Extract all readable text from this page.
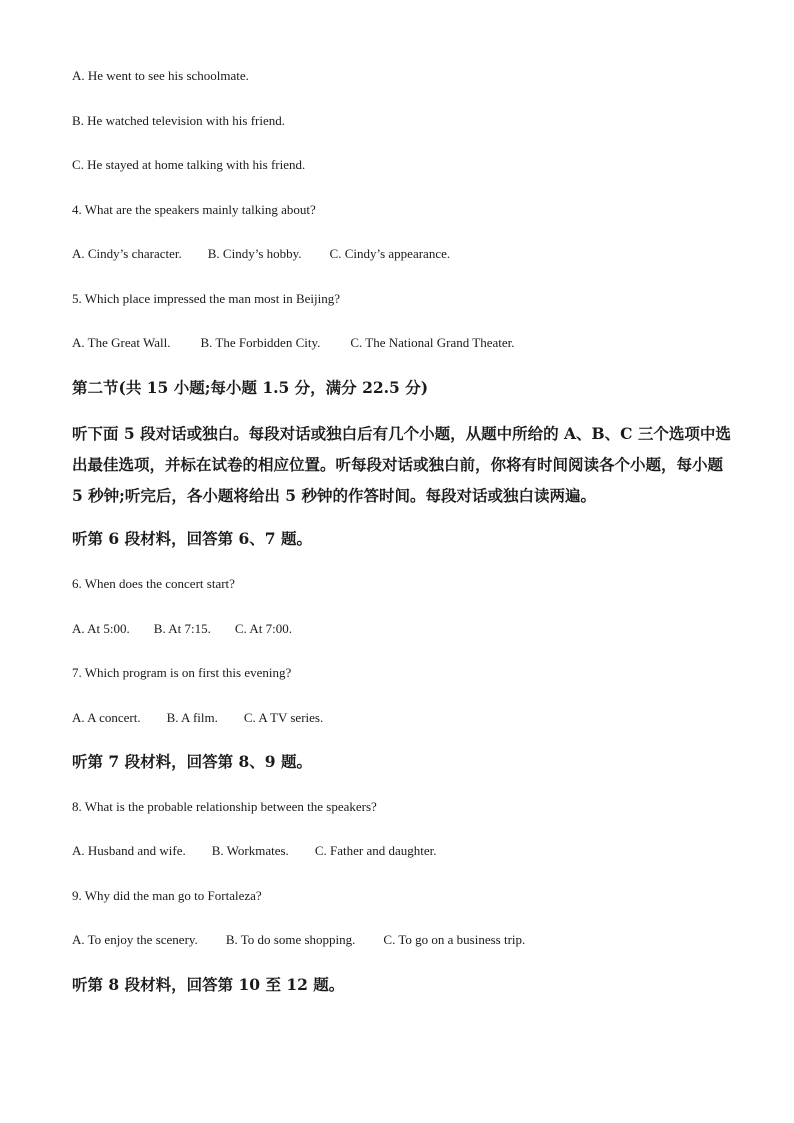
A. He went to see his schoolmate.
B. He watched television with his friend.
C. He stayed at home talking with his friend.
4. What are the speakers mainly talking about?
A. Cindy’s character. B. Cindy’s hobby. C. Cindy’s appearance.
5. Which place impressed the man most in Beijing?
A. The Great Wall. B. The Forbidden City. C. The National Grand Theater.
第二节(共 15 小题;每小题 1.5 分，满分 22.5 分)
听下面 5 段对话或独白。每段对话或独白后有几个小题，从题中所给的 A、B、C 三个选项中选出最佳选项，并标在试卷的相应位置。听每段对话或独白前，你将有时间阅读各个小题，每小题 5 秒钟;听完后，各小题将给出 5 秒钟的作答时间。每段对话或独白读两遍。
听第 6 段材料，回答第 6、7 题。
6. When does the concert start?
A. At 5:00. B. At 7:15. C. At 7:00.
7. Which program is on first this evening?
A. A concert. B. A film. C. A TV series.
听第 7 段材料，回答第 8、9 题。
8. What is the probable relationship between the speakers?
A. Husband and wife. B. Workmates. C. Father and daughter.
9. Why did the man go to Fortaleza?
A. To enjoy the scenery. B. To do some shopping. C. To go on a business trip.
听第 8 段材料，回答第 10 至 12 题。
